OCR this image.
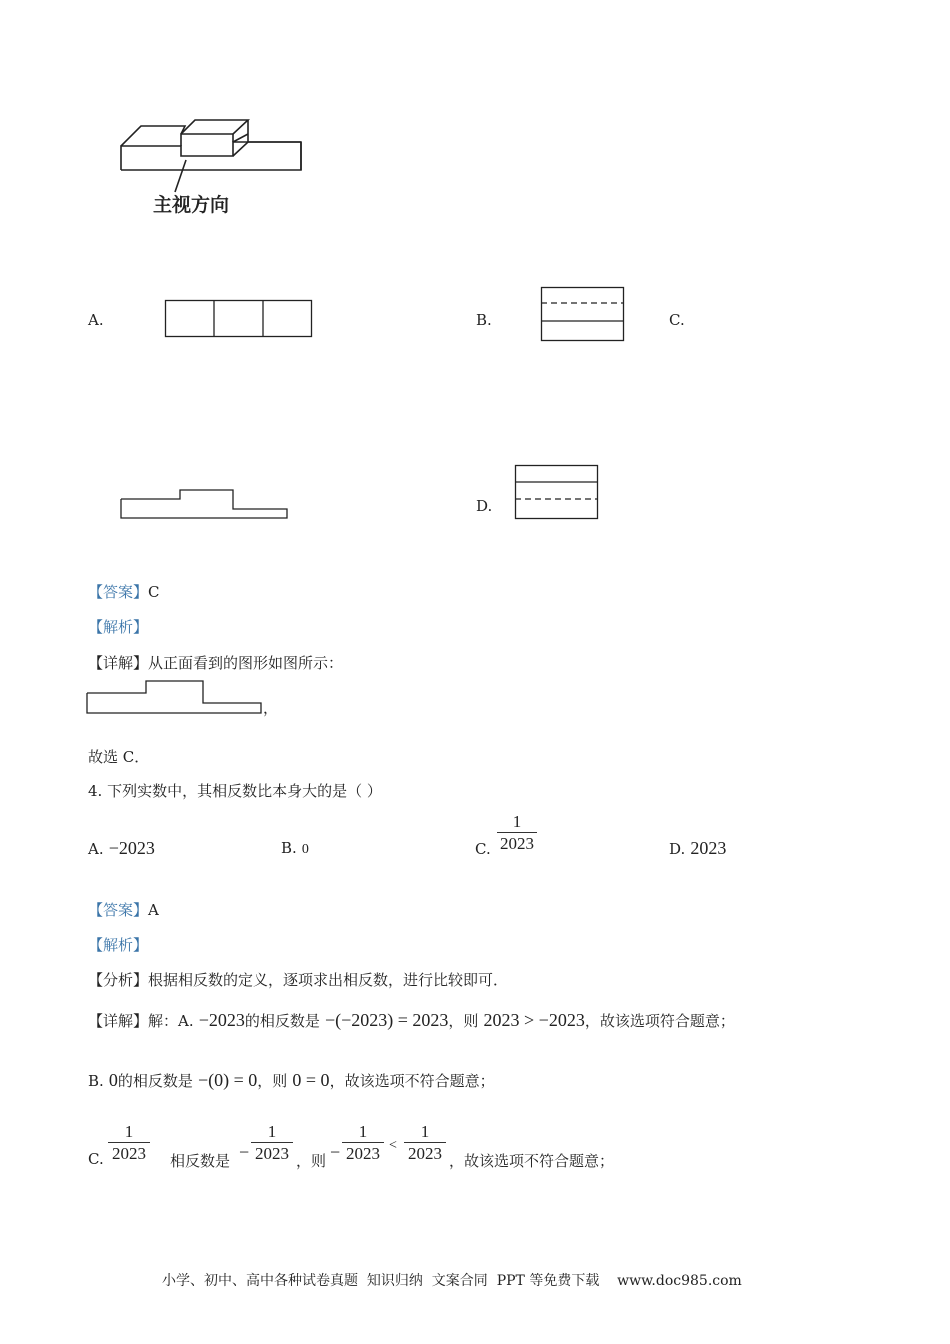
主视方向
A.	B.	C.
D.
【答案】C
【解析】
【详解】从正面看到的图形如图所示：
，
故选 C．
4. 下列实数中，其相反数比本身大的是（ ）
A. −2023	B. 0	C.
1
2023	D. 2023
【答案】A
【解析】
【分析】根据相反数的定义，逐项求出相反数，进行比较即可．
【详解】解：A. −2023的相反数是 −(−2023) = 2023，则 2023 > −2023，故该选项符合题意；
B. 0的相反数是 −(0) = 0，则 0 = 0，故该选项不符合题意；
C.
1
2023 相反数是 −
1
2023 ，则 −
1
2023 <
1
2023 ，故该选项不符合题意；
小学、初中、高中各种试卷真题  知识归纳  文案合同  PPT 等免费下载    www.doc985.com
